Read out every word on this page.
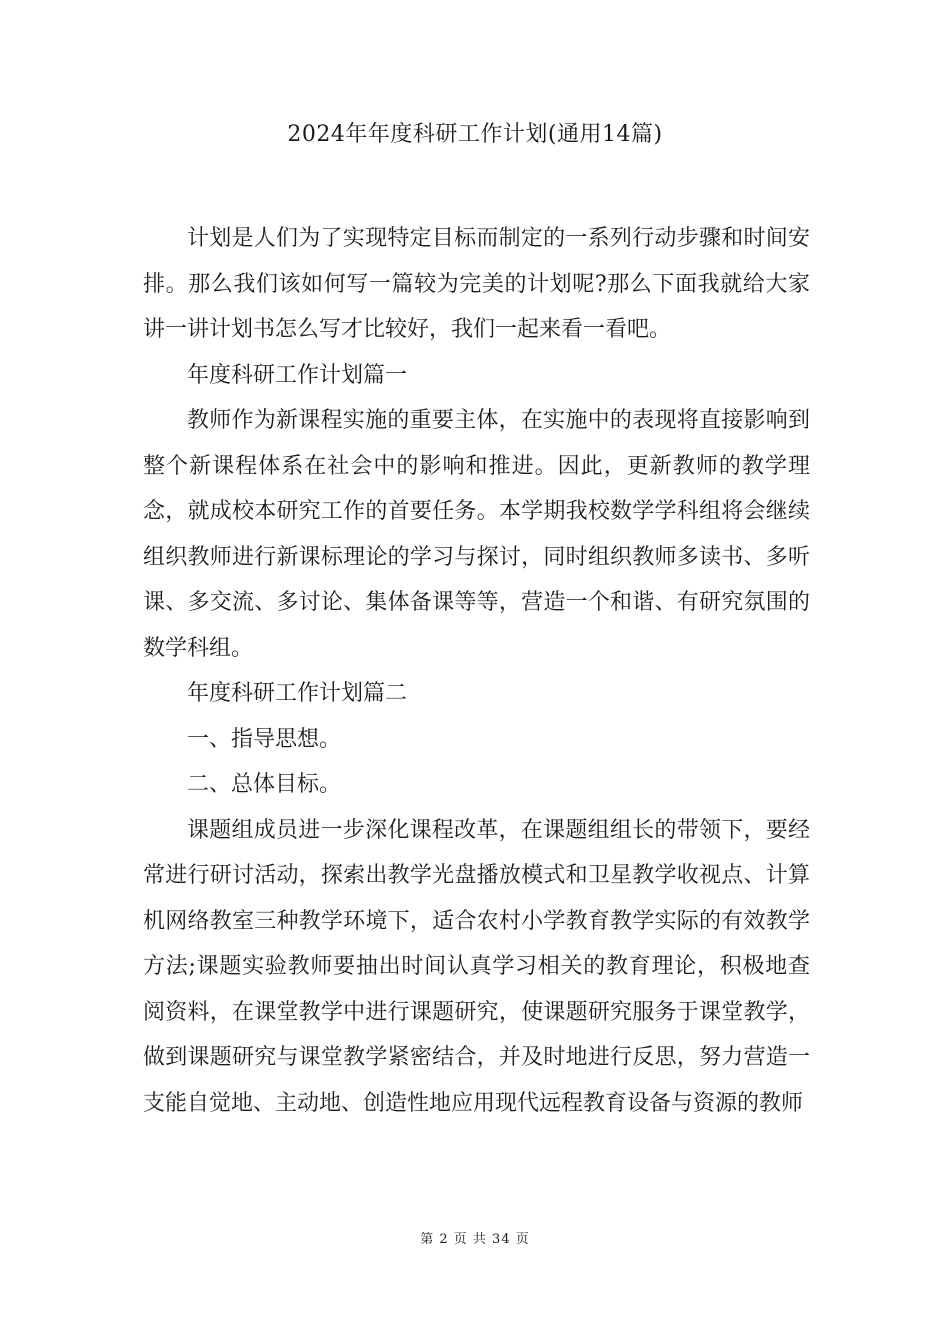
2024年年度科研工作计划(通用14篇)

计划是人们为了实现特定目标而制定的一系列行动步骤和时间安排。那么我们该如何写一篇较为完美的计划呢?那么下面我就给大家讲一讲计划书怎么写才比较好，我们一起来看一看吧。

年度科研工作计划篇一

教师作为新课程实施的重要主体，在实施中的表现将直接影响到整个新课程体系在社会中的影响和推进。因此，更新教师的教学理念，就成校本研究工作的首要任务。本学期我校数学学科组将会继续组织教师进行新课标理论的学习与探讨，同时组织教师多读书、多听课、多交流、多讨论、集体备课等等，营造一个和谐、有研究氛围的数学科组。

年度科研工作计划篇二

一、指导思想。

二、总体目标。

课题组成员进一步深化课程改革，在课题组组长的带领下，要经常进行研讨活动，探索出教学光盘播放模式和卫星教学收视点、计算机网络教室三种教学环境下，适合农村小学教育教学实际的有效教学方法;课题实验教师要抽出时间认真学习相关的教育理论，积极地查阅资料，在课堂教学中进行课题研究，使课题研究服务于课堂教学，做到课题研究与课堂教学紧密结合，并及时地进行反思，努力营造一支能自觉地、主动地、创造性地应用现代远程教育设备与资源的教师

第 2 页 共 34 页
